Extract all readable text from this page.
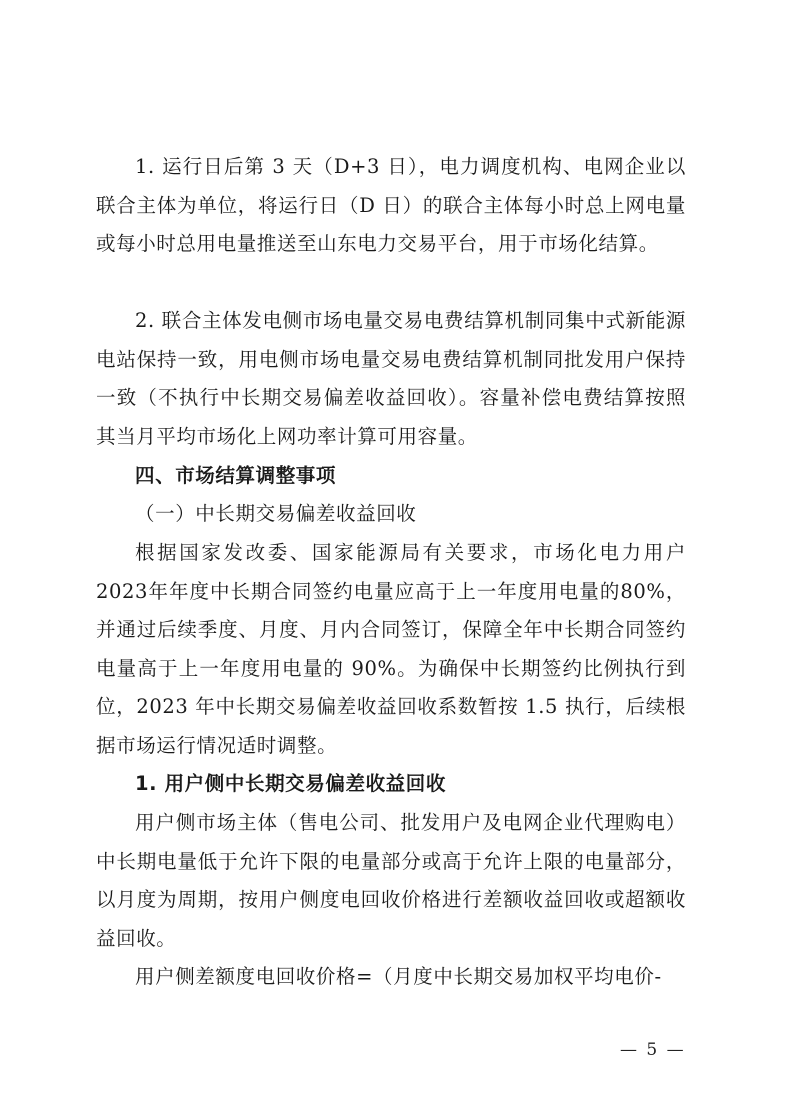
1. 运行日后第 3 天（D+3 日），电力调度机构、电网企业以联合主体为单位，将运行日（D 日）的联合主体每小时总上网电量或每小时总用电量推送至山东电力交易平台，用于市场化结算。

2. 联合主体发电侧市场电量交易电费结算机制同集中式新能源电站保持一致，用电侧市场电量交易电费结算机制同批发用户保持一致（不执行中长期交易偏差收益回收）。容量补偿电费结算按照其当月平均市场化上网功率计算可用容量。

四、市场结算调整事项

（一）中长期交易偏差收益回收

根据国家发改委、国家能源局有关要求，市场化电力用户2023年年度中长期合同签约电量应高于上一年度用电量的80%，并通过后续季度、月度、月内合同签订，保障全年中长期合同签约电量高于上一年度用电量的 90%。为确保中长期签约比例执行到位，2023 年中长期交易偏差收益回收系数暂按 1.5 执行，后续根据市场运行情况适时调整。

1. 用户侧中长期交易偏差收益回收

用户侧市场主体（售电公司、批发用户及电网企业代理购电）中长期电量低于允许下限的电量部分或高于允许上限的电量部分，以月度为周期，按用户侧度电回收价格进行差额收益回收或超额收益回收。

用户侧差额度电回收价格=（月度中长期交易加权平均电价-

— 5 —
